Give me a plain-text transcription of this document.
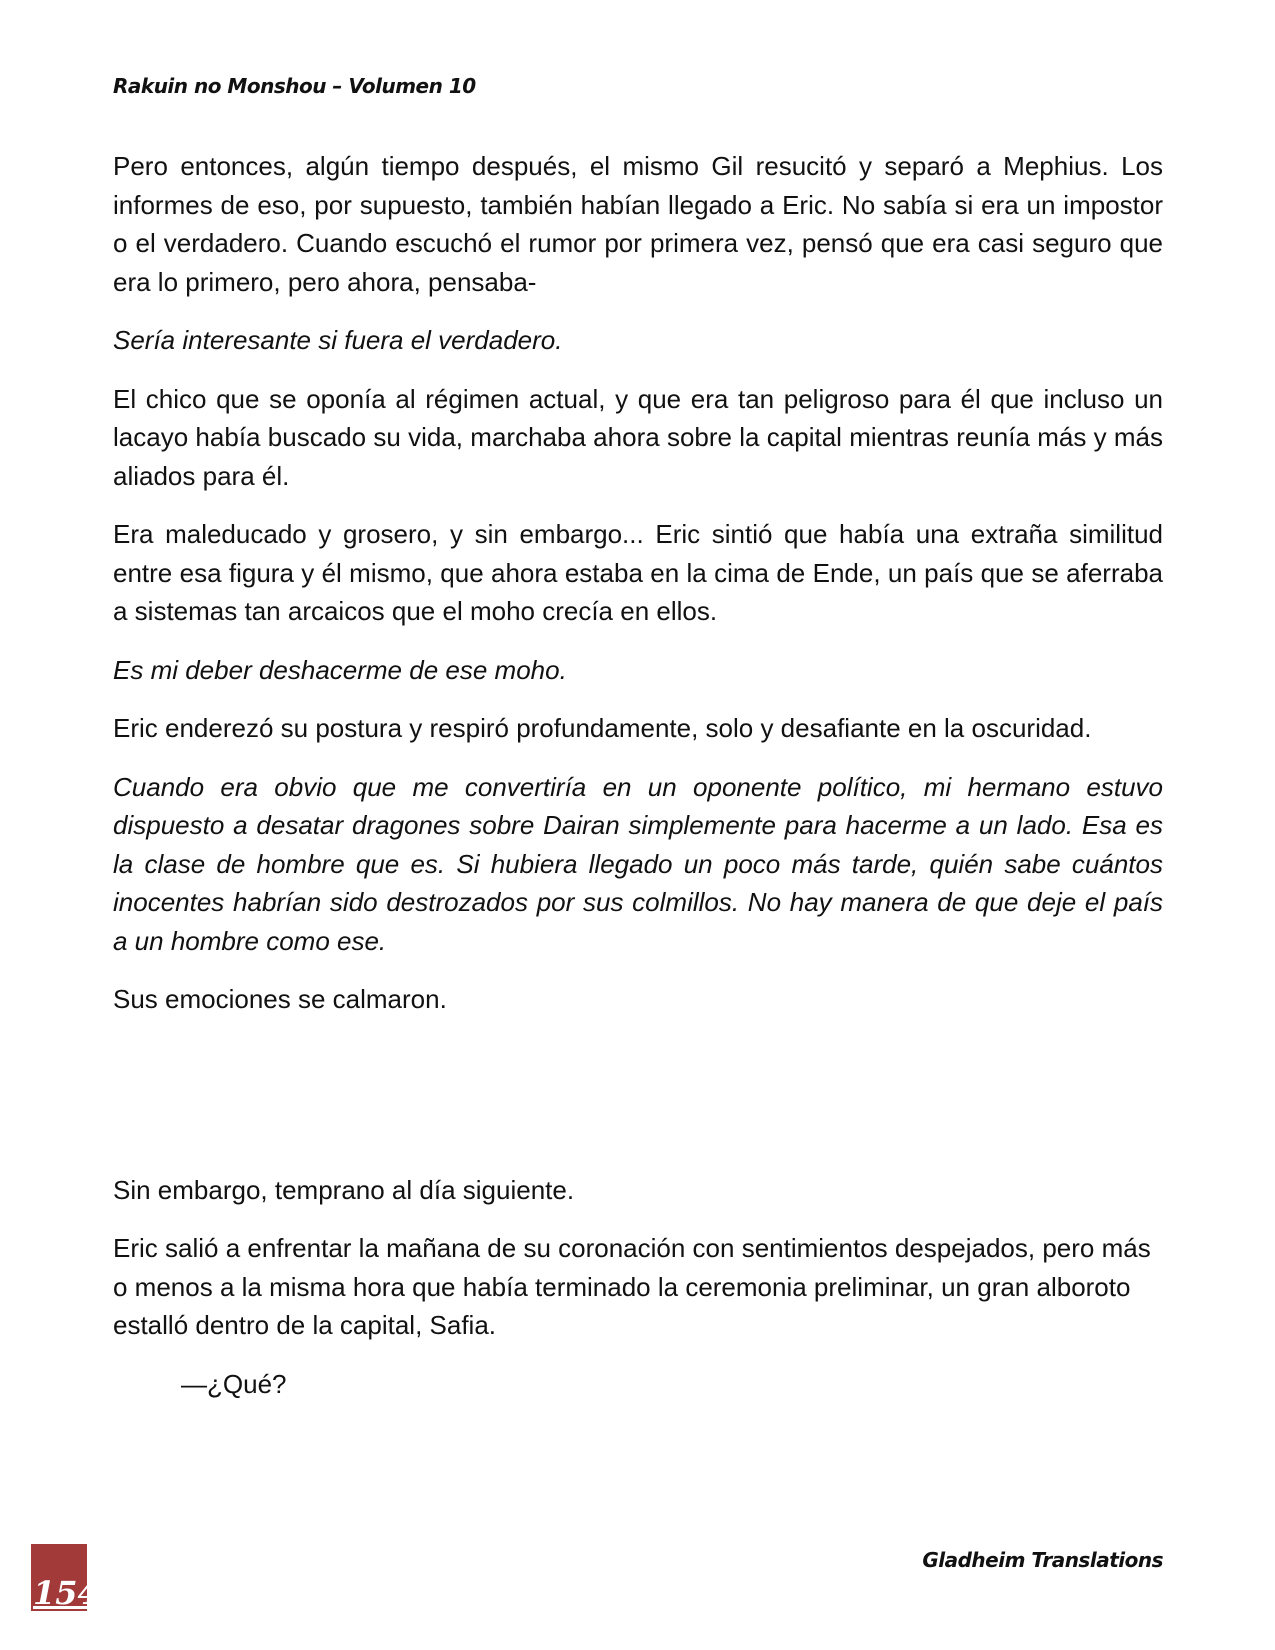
Rakuin no Monshou – Volumen 10

Pero entonces, algún tiempo después, el mismo Gil resucitó y separó a Mephius. Los informes de eso, por supuesto, también habían llegado a Eric. No sabía si era un impostor o el verdadero. Cuando escuchó el rumor por primera vez, pensó que era casi seguro que era lo primero, pero ahora, pensaba-

Sería interesante si fuera el verdadero.

El chico que se oponía al régimen actual, y que era tan peligroso para él que incluso un lacayo había buscado su vida, marchaba ahora sobre la capital mientras reunía más y más aliados para él.

Era maleducado y grosero, y sin embargo... Eric sintió que había una extraña similitud entre esa figura y él mismo, que ahora estaba en la cima de Ende, un país que se aferraba a sistemas tan arcaicos que el moho crecía en ellos.

Es mi deber deshacerme de ese moho.

Eric enderezó su postura y respiró profundamente, solo y desafiante en la oscuridad.

Cuando era obvio que me convertiría en un oponente político, mi hermano estuvo dispuesto a desatar dragones sobre Dairan simplemente para hacerme a un lado. Esa es la clase de hombre que es. Si hubiera llegado un poco más tarde, quién sabe cuántos inocentes habrían sido destrozados por sus colmillos. No hay manera de que deje el país a un hombre como ese.

Sus emociones se calmaron.

Sin embargo, temprano al día siguiente.

Eric salió a enfrentar la mañana de su coronación con sentimientos despejados, pero más o menos a la misma hora que había terminado la ceremonia preliminar, un gran alboroto estalló dentro de la capital, Safia.

—¿Qué?

154
Gladheim Translations
